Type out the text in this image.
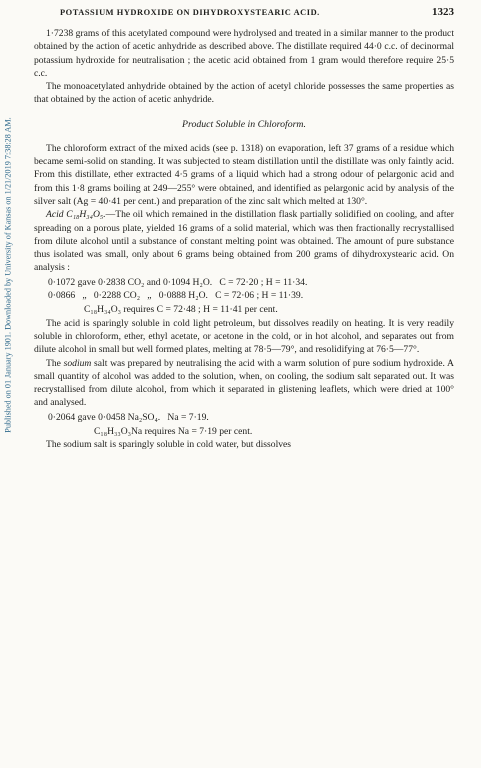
Published on 01 January 1901. Downloaded by University of Kansas on 1/21/2019 7:38:28 AM.
POTASSIUM HYDROXIDE ON DIHYDROXYSTEARIC ACID.	1323

1·7238 grams of this acetylated compound were hydrolysed and treated in a similar manner to the product obtained by the action of acetic anhydride as described above. The distillate required 44·0 c.c. of decinormal potassium hydroxide for neutralisation ; the acetic acid obtained from 1 gram would therefore require 25·5 c.c.

The monoacetylated anhydride obtained by the action of acetyl chloride possesses the same properties as that obtained by the action of acetic anhydride.

Product Soluble in Chloroform.

The chloroform extract of the mixed acids (see p. 1318) on evaporation, left 37 grams of a residue which became semi-solid on standing. It was subjected to steam distillation until the distillate was only faintly acid. From this distillate, ether extracted 4·5 grams of a liquid which had a strong odour of pelargonic acid and from this 1·8 grams boiling at 249—255° were obtained, and identified as pelargonic acid by analysis of the silver salt (Ag = 40·41 per cent.) and preparation of the zinc salt which melted at 130°.

Acid C₁₈H₃₄O₅.—The oil which remained in the distillation flask partially solidified on cooling, and after spreading on a porous plate, yielded 16 grams of a solid material, which was then fractionally recrystallised from dilute alcohol until a substance of constant melting point was obtained. The amount of pure substance thus isolated was small, only about 6 grams being obtained from 200 grams of dihydroxystearic acid. On analysis :

0·1072 gave 0·2838 CO₂ and 0·1094 H₂O.   C = 72·20 ; H = 11·34.
0·0866   „   0·2288 CO₂   „   0·0888 H₂O.   C = 72·06 ; H = 11·39.
C₁₈H₃₄O₃ requires C = 72·48 ; H = 11·41 per cent.

The acid is sparingly soluble in cold light petroleum, but dissolves readily on heating. It is very readily soluble in chloroform, ether, ethyl acetate, or acetone in the cold, or in hot alcohol, and separates out from dilute alcohol in small but well formed plates, melting at 78·5—79°, and resolidifying at 76·5—77°.

The sodium salt was prepared by neutralising the acid with a warm solution of pure sodium hydroxide. A small quantity of alcohol was added to the solution, when, on cooling, the sodium salt separated out. It was recrystallised from dilute alcohol, from which it separated in glistening leaflets, which were dried at 100° and analysed.

0·2064 gave 0·0458 Na₂SO₄.   Na = 7·19.
C₁₈H₃₃O₃Na requires Na = 7·19 per cent.

The sodium salt is sparingly soluble in cold water, but dissolves
